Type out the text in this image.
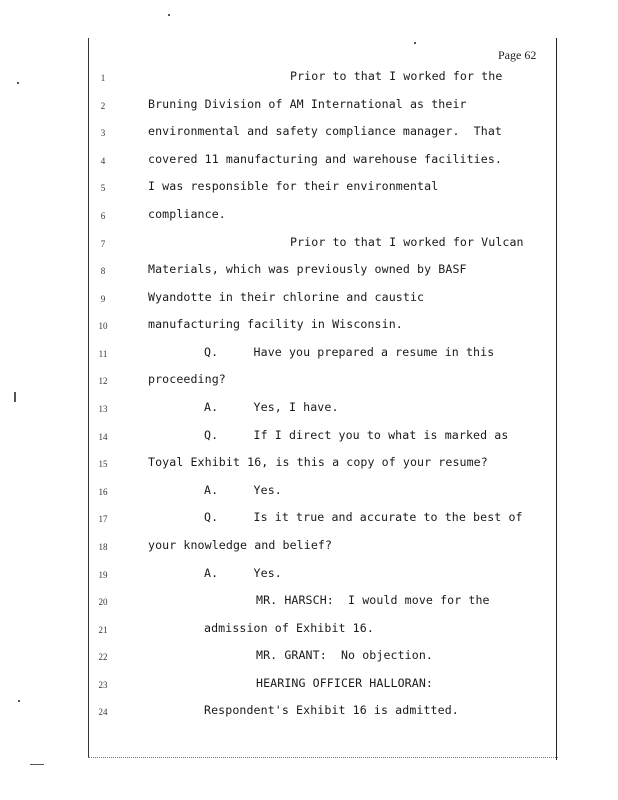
Page 62
1	Prior to that I worked for the
2	Bruning Division of AM International as their
3	environmental and safety compliance manager.  That
4	covered 11 manufacturing and warehouse facilities.
5	I was responsible for their environmental
6	compliance.
7	Prior to that I worked for Vulcan
8	Materials, which was previously owned by BASF
9	Wyandotte in their chlorine and caustic
10	manufacturing facility in Wisconsin.
11	Q.     Have you prepared a resume in this
12	proceeding?
13	A.     Yes, I have.
14	Q.     If I direct you to what is marked as
15	Toyal Exhibit 16, is this a copy of your resume?
16	A.     Yes.
17	Q.     Is it true and accurate to the best of
18	your knowledge and belief?
19	A.     Yes.
20	MR. HARSCH:  I would move for the
21	admission of Exhibit 16.
22	MR. GRANT:  No objection.
23	HEARING OFFICER HALLORAN:
24	Respondent's Exhibit 16 is admitted.
